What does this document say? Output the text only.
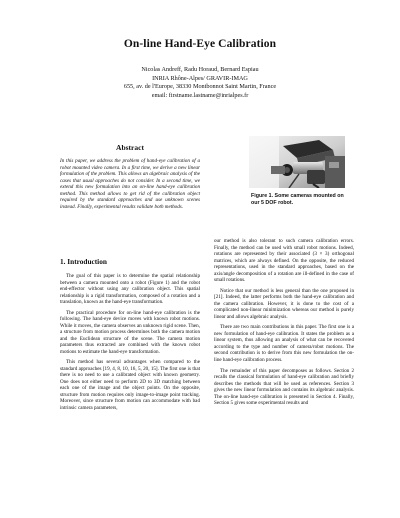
On-line Hand-Eye Calibration
Nicolas Andreff, Radu Horaud, Bernard Espiau
INRIA Rhône-Alpes/ GRAVIR-IMAG
655, av. de l'Europe, 38330 Montbonnot Saint Martin, France
email: firstname.lastname@inrialpes.fr
Abstract
In this paper, we address the problem of hand-eye calibration of a robot mounted video camera. In a first time, we derive a new linear formulation of the problem. This allows an algebraic analysis of the cases that usual approaches do not consider. In a second time, we extend this new formulation into an on-line hand-eye calibration method. This method allows to get rid of the calibration object required by the standard approaches and use unknown scenes instead. Finally, experimental results validate both methods.
Figure 1. Some cameras mounted on our 5 DOF robot.

1. Introduction

The goal of this paper is to determine the spatial relationship between a camera mounted onto a robot (Figure 1) and the robot end-effector without using any calibration object. This spatial relationship is a rigid transformation, composed of a rotation and a translation, known as the hand-eye transformation.

The practical procedure for on-line hand-eye calibration is the following. The hand-eye device moves with known robot motions. While it moves, the camera observes an unknown rigid scene. Then, a structure from motion process determines both the camera motion and the Euclidean structure of the scene. The camera motion parameters thus extracted are combined with the known robot motions to estimate the hand-eye transformation.

This method has several advantages when compared to the standard approaches [19, 4, 8, 10, 16, 5, 20, 15]. The first one is that there is no need to use a calibrated object with known geometry. One does not either need to perform 2D to 3D matching between each one of the image and the object points. On the opposite, structure from motion requires only image-to-image point tracking. Moreover, since structure from motion can accommodate with bad intrinsic camera parameters,

our method is also tolerant to such camera calibration errors. Finally, the method can be used with small robot motions. Indeed, rotations are represented by their associated (3 × 3) orthogonal matrices, which are always defined. On the opposite, the reduced representations, used in the standard approaches, based on the axis/angle decomposition of a rotation are ill-defined in the case of small rotations.

Notice that our method is less general than the one proposed in [21]. Indeed, the latter performs both the hand-eye calibration and the camera calibration. However, it is done to the cost of a complicated non-linear minimization whereas our method is purely linear and allows algebraic analysis.

There are two main contributions in this paper. The first one is a new formulation of hand-eye calibration. It states the problem as a linear system, thus allowing an analysis of what can be recovered according to the type and number of camera/robot motions. The second contribution is to derive from this new formulation the on-line hand-eye calibration process.

The remainder of this paper decomposes as follows. Section 2 recalls the classical formulation of hand-eye calibration and briefly describes the methods that will be used as references. Section 3 gives the new linear formulation and contains its algebraic analysis. The on-line hand-eye calibration is presented in Section 4. Finally, Section 5 gives some experimental results and
